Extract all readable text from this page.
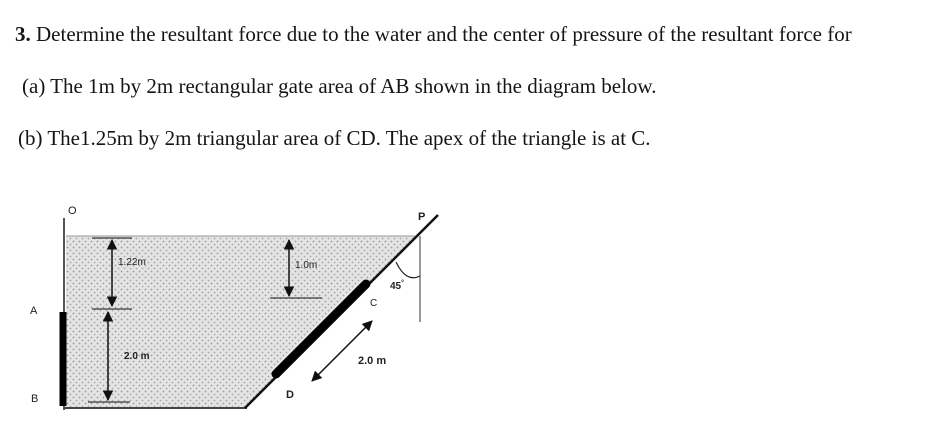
3. Determine the resultant force due to the water and the center of pressure of the resultant force for
(a) The 1m by 2m rectangular gate area of AB shown in the diagram below.
(b) The1.25m by 2m triangular area of CD. The apex of the triangle is at C.
O	P
A
B
C
D
1.22m
2.0 m
1.0m
2.0 m
45°
